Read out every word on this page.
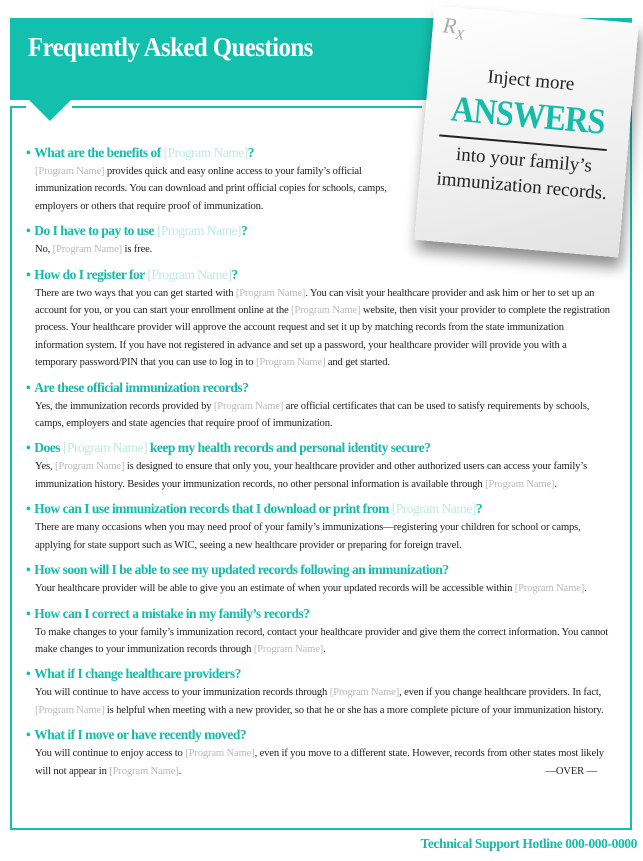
Frequently Asked Questions
• What are the benefits of [Program Name]?
[Program Name] provides quick and easy online access to your family’s official immunization records. You can download and print official copies for schools, camps, employers or others that require proof of immunization.
• Do I have to pay to use [Program Name]?
No, [Program Name] is free.
• How do I register for [Program Name]?
There are two ways that you can get started with [Program Name]. You can visit your healthcare provider and ask him or her to set up an account for you, or you can start your enrollment online at the [Program Name] website, then visit your provider to complete the registration process. Your healthcare provider will approve the account request and set it up by matching records from the state immunization information system. If you have not registered in advance and set up a password, your healthcare provider will provide you with a temporary password/PIN that you can use to log in to [Program Name] and get started.
• Are these official immunization records?
Yes, the immunization records provided by [Program Name] are official certificates that can be used to satisfy requirements by schools, camps, employers and state agencies that require proof of immunization.
• Does [Program Name] keep my health records and personal identity secure?
Yes, [Program Name] is designed to ensure that only you, your healthcare provider and other authorized users can access your family’s immunization history. Besides your immunization records, no other personal information is available through [Program Name].
• How can I use immunization records that I download or print from [Program Name]?
There are many occasions when you may need proof of your family’s immunizations—registering your children for school or camps, applying for state support such as WIC, seeing a new healthcare provider or preparing for foreign travel.
• How soon will I be able to see my updated records following an immunization?
Your healthcare provider will be able to give you an estimate of when your updated records will be accessible within [Program Name].
• How can I correct a mistake in my family’s records?
To make changes to your family’s immunization record, contact your healthcare provider and give them the correct information. You cannot make changes to your immunization records through [Program Name].
• What if I change healthcare providers?
You will continue to have access to your immunization records through [Program Name], even if you change healthcare providers. In fact, [Program Name] is helpful when meeting with a new provider, so that he or she has a more complete picture of your immunization history.
• What if I move or have recently moved?
You will continue to enjoy access to [Program Name], even if you move to a different state. However, records from other states most likely will not appear in [Program Name].	—OVER —
$R_X$
Inject more
ANSWERS
into your family’s
immunization records.
Technical Support Hotline 000-000-0000
